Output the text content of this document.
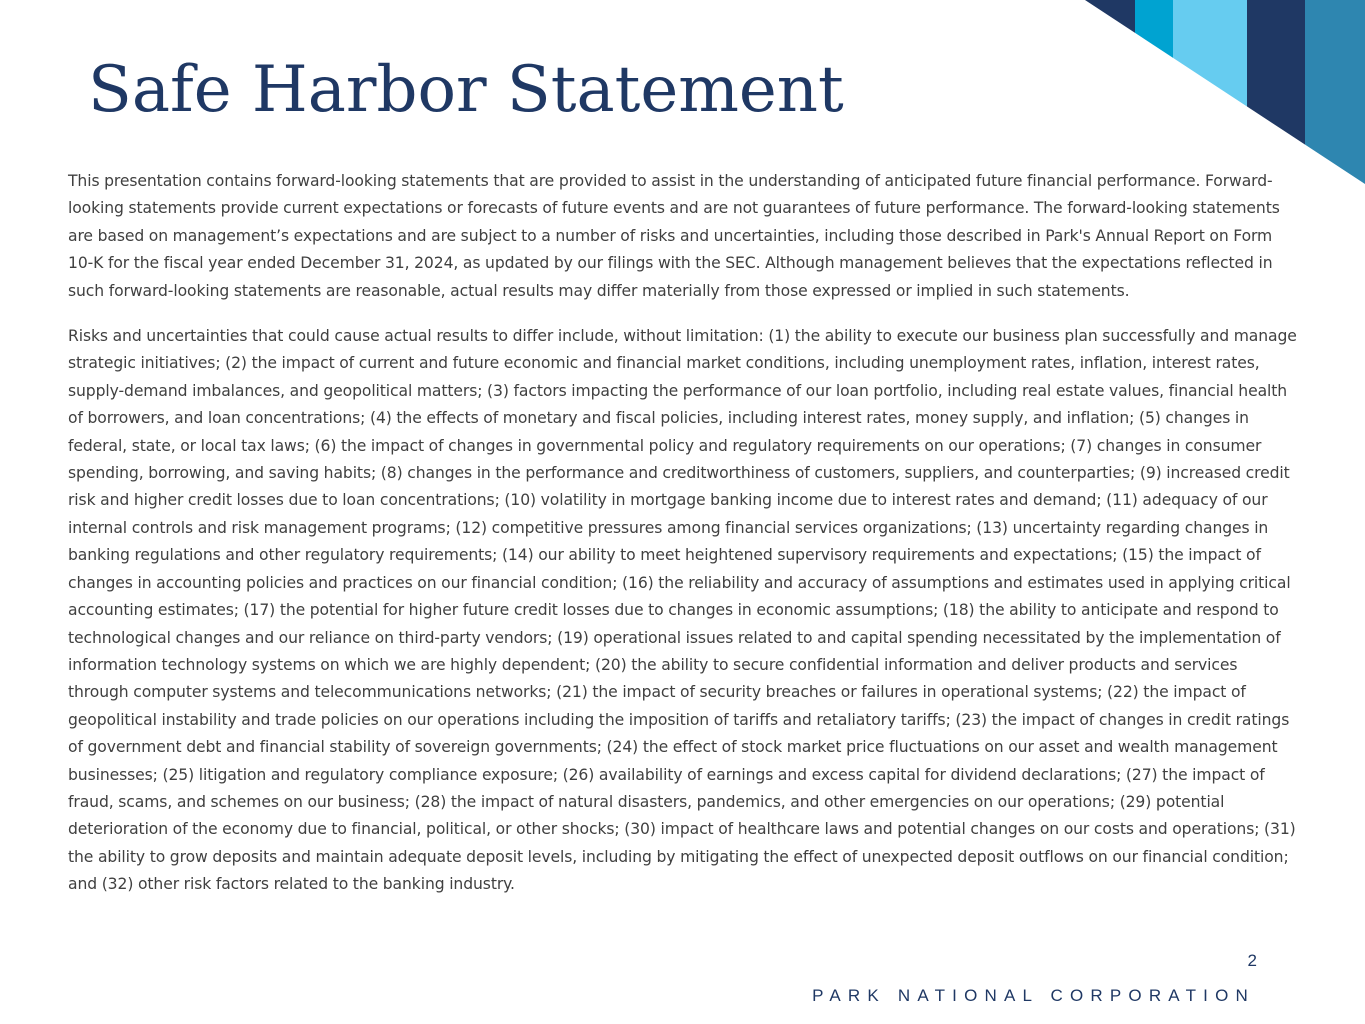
Safe Harbor Statement

This presentation contains forward-looking statements that are provided to assist in the understanding of anticipated future financial performance. Forward-looking statements provide current expectations or forecasts of future events and are not guarantees of future performance. The forward-looking statements are based on management’s expectations and are subject to a number of risks and uncertainties, including those described in Park's Annual Report on Form 10-K for the fiscal year ended December 31, 2024, as updated by our filings with the SEC. Although management believes that the expectations reflected in such forward-looking statements are reasonable, actual results may differ materially from those expressed or implied in such statements.

Risks and uncertainties that could cause actual results to differ include, without limitation: (1) the ability to execute our business plan successfully and manage strategic initiatives; (2) the impact of current and future economic and financial market conditions, including unemployment rates, inflation, interest rates, supply-demand imbalances, and geopolitical matters; (3) factors impacting the performance of our loan portfolio, including real estate values, financial health of borrowers, and loan concentrations; (4) the effects of monetary and fiscal policies, including interest rates, money supply, and inflation; (5) changes in federal, state, or local tax laws; (6) the impact of changes in governmental policy and regulatory requirements on our operations; (7) changes in consumer spending, borrowing, and saving habits; (8) changes in the performance and creditworthiness of customers, suppliers, and counterparties; (9) increased credit risk and higher credit losses due to loan concentrations; (10) volatility in mortgage banking income due to interest rates and demand; (11) adequacy of our internal controls and risk management programs; (12) competitive pressures among financial services organizations; (13) uncertainty regarding changes in banking regulations and other regulatory requirements; (14) our ability to meet heightened supervisory requirements and expectations; (15) the impact of changes in accounting policies and practices on our financial condition; (16) the reliability and accuracy of assumptions and estimates used in applying critical accounting estimates; (17) the potential for higher future credit losses due to changes in economic assumptions; (18) the ability to anticipate and respond to technological changes and our reliance on third-party vendors; (19) operational issues related to and capital spending necessitated by the implementation of information technology systems on which we are highly dependent; (20) the ability to secure confidential information and deliver products and services through computer systems and telecommunications networks; (21) the impact of security breaches or failures in operational systems; (22) the impact of geopolitical instability and trade policies on our operations including the imposition of tariffs and retaliatory tariffs; (23) the impact of changes in credit ratings of government debt and financial stability of sovereign governments; (24) the effect of stock market price fluctuations on our asset and wealth management businesses; (25) litigation and regulatory compliance exposure; (26) availability of earnings and excess capital for dividend declarations; (27) the impact of fraud, scams, and schemes on our business; (28) the impact of natural disasters, pandemics, and other emergencies on our operations; (29) potential deterioration of the economy due to financial, political, or other shocks; (30) impact of healthcare laws and potential changes on our costs and operations; (31) the ability to grow deposits and maintain adequate deposit levels, including by mitigating the effect of unexpected deposit outflows on our financial condition; and (32) other risk factors related to the banking industry.

2
PARK NATIONAL CORPORATION
